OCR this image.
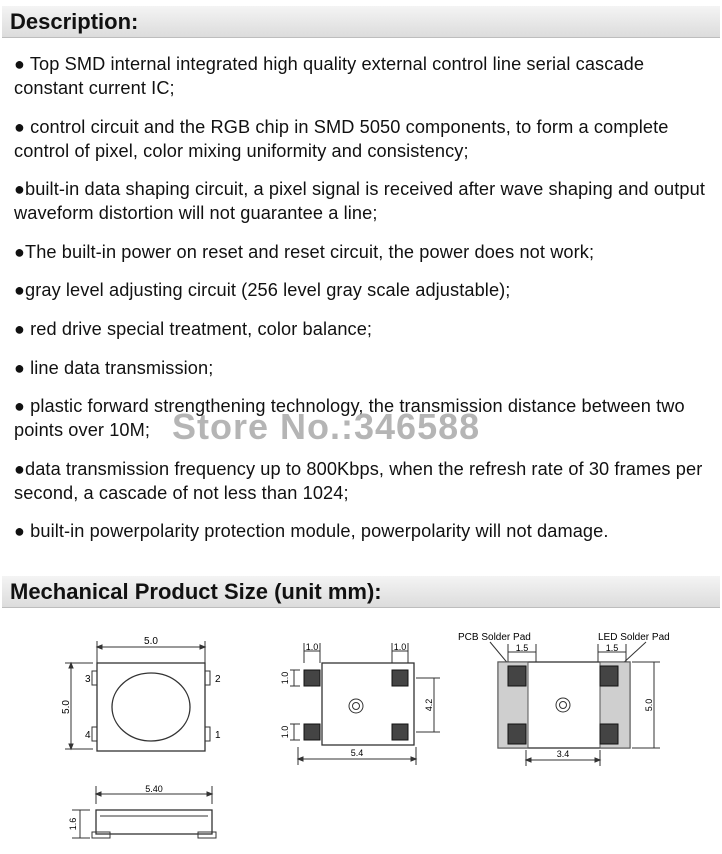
Description:
● Top SMD internal integrated high quality external control line serial cascade constant current IC;
● control circuit and the RGB chip in SMD 5050 components, to form a complete control of pixel, color mixing uniformity and consistency;
●built-in data shaping circuit, a pixel signal is received after wave shaping and output waveform distortion will not guarantee a line;
●The built-in power on reset and reset circuit, the power does not work;
●gray level adjusting circuit (256 level gray scale adjustable);
● red drive special treatment, color balance;
● line data transmission;
● plastic forward strengthening technology, the transmission distance between two points over 10M;
●data transmission frequency up to 800Kbps, when the refresh rate of 30 frames per second, a cascade of not less than 1024;
● built-in powerpolarity protection module, powerpolarity will not damage.
Store No.:346588
Mechanical Product Size (unit mm):
5.0
5.0
3	2
4	1
1.0	1.0
1.0
1.0
4.2
5.4
PCB Solder Pad	LED Solder Pad
1.5	1.5
5.0
3.4
5.40
1.6
